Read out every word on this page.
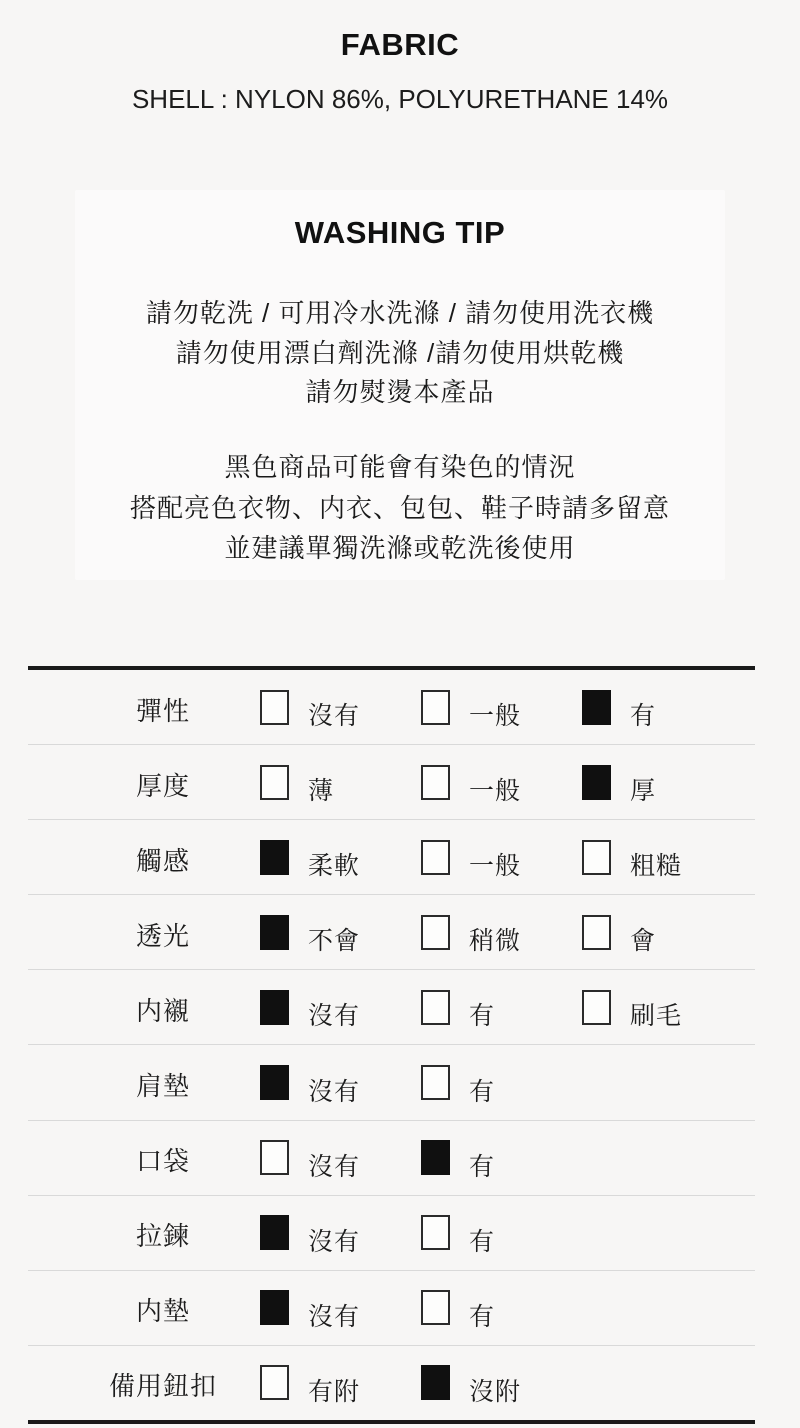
FABRIC
SHELL : NYLON 86%, POLYURETHANE 14%
WASHING TIP
請勿乾洗 / 可用冷水洗滌 / 請勿使用洗衣機
請勿使用漂白劑洗滌 /請勿使用烘乾機
請勿熨燙本產品
黑色商品可能會有染色的情況
搭配亮色衣物、内衣、包包、鞋子時請多留意
並建議單獨洗滌或乾洗後使用
彈性	沒有	一般	有
厚度	薄	一般	厚
觸感	柔軟	一般	粗糙
透光	不會	稍微	會
内襯	沒有	有	刷毛
肩墊	沒有	有
口袋	沒有	有
拉鍊	沒有	有
内墊	沒有	有
備用鈕扣	有附	沒附
